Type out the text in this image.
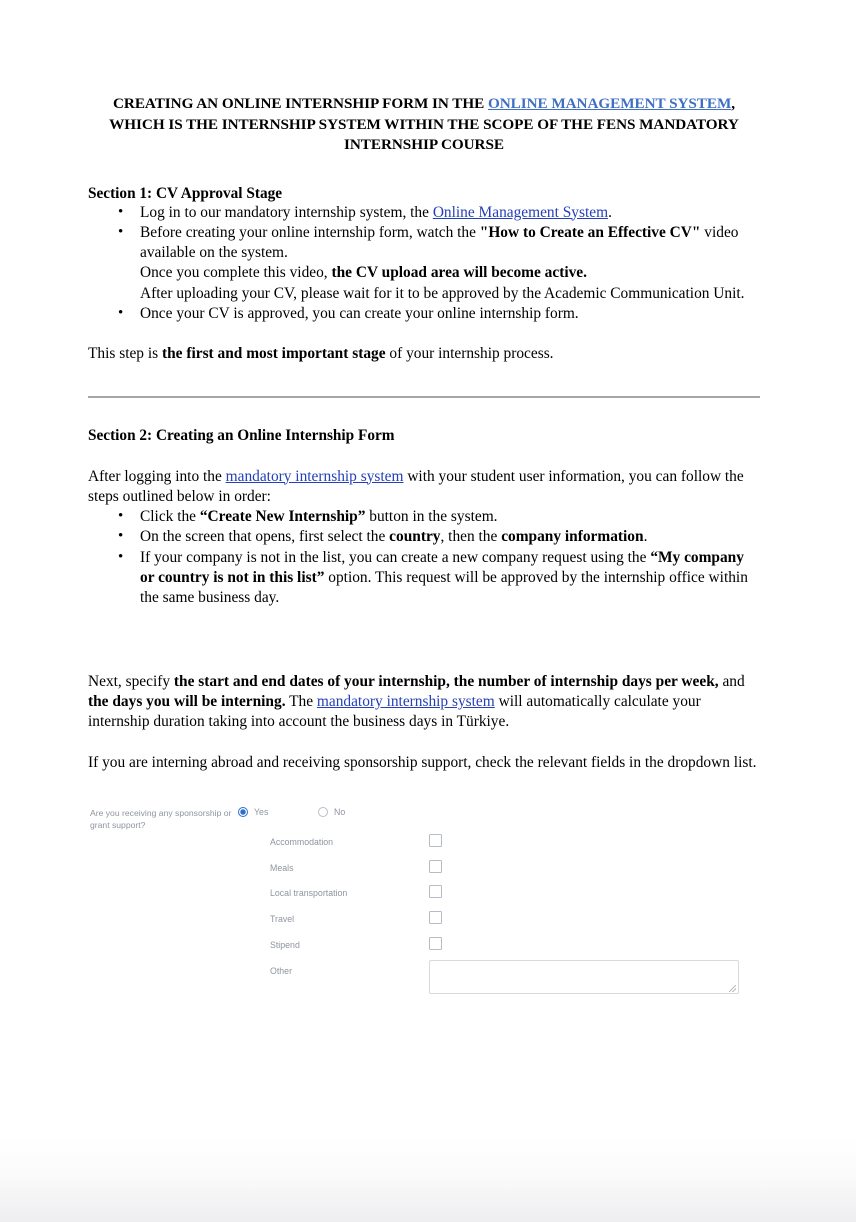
CREATING AN ONLINE INTERNSHIP FORM IN THE ONLINE MANAGEMENT SYSTEM, WHICH IS THE INTERNSHIP SYSTEM WITHIN THE SCOPE OF THE FENS MANDATORY INTERNSHIP COURSE
Section 1: CV Approval Stage
• Log in to our mandatory internship system, the Online Management System.
• Before creating your online internship form, watch the "How to Create an Effective CV" video available on the system.
Once you complete this video, the CV upload area will become active.
After uploading your CV, please wait for it to be approved by the Academic Communication Unit.
• Once your CV is approved, you can create your online internship form.

This step is the first and most important stage of your internship process.

Section 2: Creating an Online Internship Form

After logging into the mandatory internship system with your student user information, you can follow the steps outlined below in order:

• Click the “Create New Internship” button in the system.
• On the screen that opens, first select the country, then the company information.
• If your company is not in the list, you can create a new company request using the “My company or country is not in this list” option. This request will be approved by the internship office within the same business day.

Next, specify the start and end dates of your internship, the number of internship days per week, and the days you will be interning. The mandatory internship system will automatically calculate your internship duration taking into account the business days in Türkiye.

If you are interning abroad and receiving sponsorship support, check the relevant fields in the dropdown list.

Are you receiving any sponsorship or grant support?
Yes	No
Accommodation
Meals
Local transportation
Travel
Stipend
Other
